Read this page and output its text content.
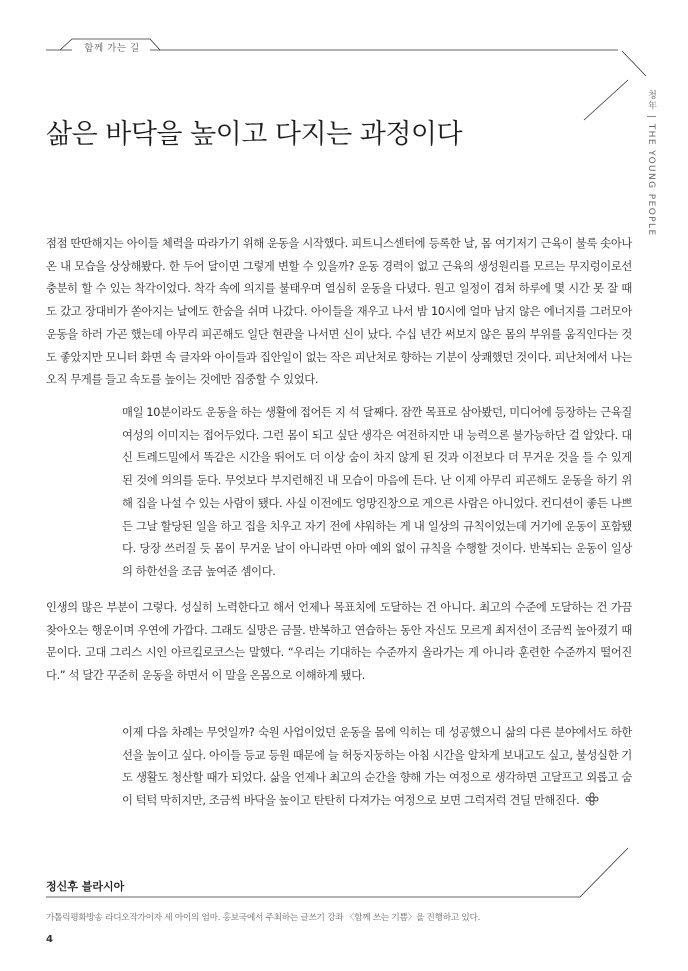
함께 가는 길
청年 | THE YOUNG PEOPLE
삶은 바닥을 높이고 다지는 과정이다

점점 딴딴해지는 아이들 체력을 따라가기 위해 운동을 시작했다. 피트니스센터에 등록한 날, 몸 여기저기 근육이 불룩 솟아나온 내 모습을 상상해봤다. 한 두어 달이면 그렇게 변할 수 있을까? 운동 경력이 없고 근육의 생성원리를 모르는 무지렁이로선 충분히 할 수 있는 착각이었다. 착각 속에 의지를 불태우며 열심히 운동을 다녔다. 원고 일정이 겹쳐 하루에 몇 시간 못 잘 때도 갔고 장대비가 쏟아지는 날에도 한숨을 쉬며 나갔다. 아이들을 재우고 나서 밤 10시에 얼마 남지 않은 에너지를 그러모아 운동을 하러 가곤 했는데 아무리 피곤해도 일단 현관을 나서면 신이 났다. 수십 년간 써보지 않은 몸의 부위를 움직인다는 것도 좋았지만 모니터 화면 속 글자와 아이들과 집안일이 없는 작은 피난처로 향하는 기분이 상쾌했던 것이다. 피난처에서 나는 오직 무게를 들고 속도를 높이는 것에만 집중할 수 있었다.

매일 10분이라도 운동을 하는 생활에 접어든 지 석 달째다. 잠깐 목표로 삼아봤던, 미디어에 등장하는 근육질 여성의 이미지는 접어두었다. 그런 몸이 되고 싶단 생각은 여전하지만 내 능력으론 불가능하단 걸 알았다. 대신 트레드밀에서 똑같은 시간을 뛰어도 더 이상 숨이 차지 않게 된 것과 이전보다 더 무거운 것을 들 수 있게 된 것에 의의를 둔다. 무엇보다 부지런해진 내 모습이 마음에 든다. 난 이제 아무리 피곤해도 운동을 하기 위해 집을 나설 수 있는 사람이 됐다. 사실 이전에도 엉망진창으로 게으른 사람은 아니었다. 컨디션이 좋든 나쁘든 그날 할당된 일을 하고 집을 치우고 자기 전에 샤워하는 게 내 일상의 규칙이었는데 거기에 운동이 포함됐다. 당장 쓰러질 듯 몸이 무거운 날이 아니라면 아마 예외 없이 규칙을 수행할 것이다. 반복되는 운동이 일상의 하한선을 조금 높여준 셈이다.

인생의 많은 부분이 그렇다. 성실히 노력한다고 해서 언제나 목표치에 도달하는 건 아니다. 최고의 수준에 도달하는 건 가끔 찾아오는 행운이며 우연에 가깝다. 그래도 실망은 금물. 반복하고 연습하는 동안 자신도 모르게 최저선이 조금씩 높아졌기 때문이다. 고대 그리스 시인 아르킬로코스는 말했다. “우리는 기대하는 수준까지 올라가는 게 아니라 훈련한 수준까지 떨어진다.” 석 달간 꾸준히 운동을 하면서 이 말을 온몸으로 이해하게 됐다.

이제 다음 차례는 무엇일까? 숙원 사업이었던 운동을 몸에 익히는 데 성공했으니 삶의 다른 분야에서도 하한선을 높이고 싶다. 아이들 등교 등원 때문에 늘 허둥지둥하는 아침 시간을 알차게 보내고도 싶고, 불성실한 기도 생활도 청산할 때가 되었다. 삶을 언제나 최고의 순간을 향해 가는 여정으로 생각하면 고달프고 외롭고 숨이 턱턱 막히지만, 조금씩 바닥을 높이고 탄탄히 다져가는 여정으로 보면 그럭저럭 견딜 만해진다.

정신후 블라시아

가톨릭평화방송 라디오작가이자 세 아이의 엄마. 홍보국에서 주최하는 글쓰기 강좌 〈함께 쓰는 기쁨〉을 진행하고 있다.

4
